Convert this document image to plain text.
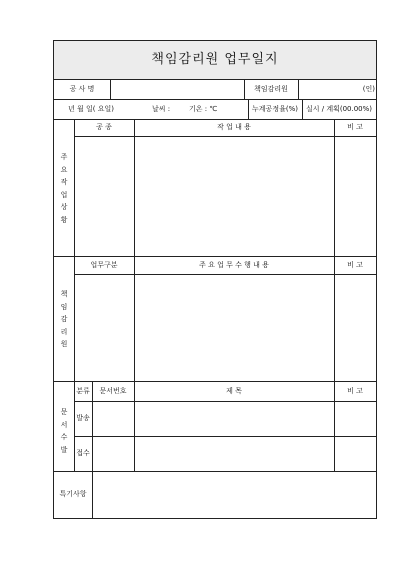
책임감리원 업무일지
공 사 명	책임감리원	(인)
년 월 일( 요일)	날씨 :	기온 : ℃	누계공정율(%)	실시 / 계획(00.00%)
주요작업상황
공 종	작 업 내 용	비 고
책임감리원
업무구분	주 요 업 무 수 행 내 용	비 고
문서수발
분류	문서번호	제 목	비 고
발송
접수
특기사항
